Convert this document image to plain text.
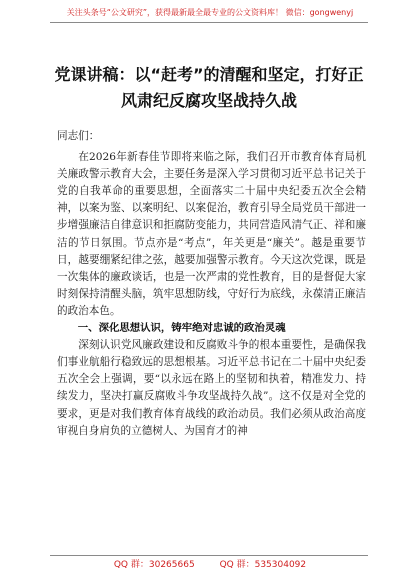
关注头条号“公文研究”，获得最新最全最专业的公文资料库！ 微信：gongwenyj
党课讲稿：以“赶考”的清醒和坚定，打好正风肃纪反腐攻坚战持久战

同志们：

在2026年新春佳节即将来临之际，我们召开市教育体育局机关廉政警示教育大会，主要任务是深入学习贯彻习近平总书记关于党的自我革命的重要思想，全面落实二十届中央纪委五次全会精神，以案为鉴、以案明纪、以案促治，教育引导全局党员干部进一步增强廉洁自律意识和拒腐防变能力，共同营造风清气正、祥和廉洁的节日氛围。节点亦是“考点”，年关更是“廉关”。越是重要节日，越要绷紧纪律之弦，越要加强警示教育。今天这次党课，既是一次集体的廉政谈话，也是一次严肃的党性教育，目的是督促大家时刻保持清醒头脑，筑牢思想防线，守好行为底线，永葆清正廉洁的政治本色。

一、深化思想认识，铸牢绝对忠诚的政治灵魂

深刻认识党风廉政建设和反腐败斗争的根本重要性，是确保我们事业航船行稳致远的思想根基。习近平总书记在二十届中央纪委五次全会上强调，要“以永远在路上的坚韧和执着，精准发力、持续发力，坚决打赢反腐败斗争攻坚战持久战”。这不仅是对全党的要求，更是对我们教育体育战线的政治动员。我们必须从政治高度审视自身肩负的立德树人、为国育才的神

QQ 群：30265665	QQ 群：535304092
